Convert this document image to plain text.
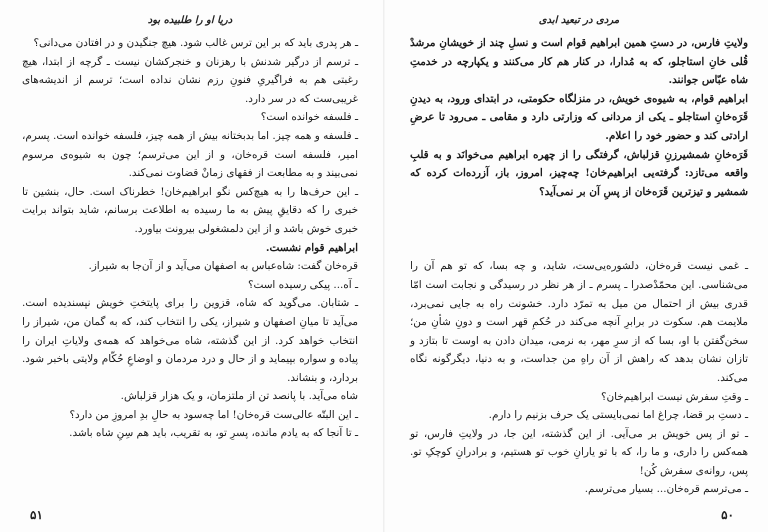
دریا او را طلبیده بود

ـ هر پدری باید که بر این ترس غالب شود. هیچ جنگیدن و در افتادن می‌دانی؟

ـ ترسم از درگیر شدنش با رهزنان و خنجرکشان نیست ـ گرچه از ابتدا، هیچ رغبتی هم به فراگیریِ فنونِ رزم نشان نداده است؛ ترسم از اندیشه‌های غریبی‌ست که در سر دارد.

ـ فلسفه خوانده است؟

ـ فلسفه و همه چیز. اما بدبختانه بیش از همه چیز، فلسفه خوانده است. پسرم، امیر، فلسفه است قره‌خان، و از این می‌ترسم؛ چون به شیوه‌ی مرسوم نمی‌بیند و به مطابعت از فقهای زمانْ قضاوت نمی‌کند.

ـ این حرف‌ها را به هیچ‌کس نگو ابراهیم‌خان! خطرناک است. حال، بنشین تا خبری را که دقایقِ پیش به ما رسیده به اطلاعت برسانم، شاید بتواند برایت خبری خوش باشد و از این دلمشغولی بیرونت بیاورد.

ابراهیم قوام نشست.

قره‌خان گفت: شاه‌عباس به اصفهان می‌آید و از آن‌جا به شیراز.

ـ آه... پیکی رسیده است؟

ـ شتابان. می‌گوید که شاه، قزوین را برای پایتختِ خویش نپسندیده است. می‌آید تا میانِ اصفهان و شیراز، یکی را انتخاب کند، که به گمان من، شیراز را انتخاب خواهد کرد. از این گذشته، شاه می‌خواهد که همه‌ی ولایاتِ ایران را پیاده و سواره بپیماید و از حال و درد مردمان و اوضاعِ حُکّام ولایتی باخبر شود. بردارد، و بنشاند.

شاه می‌آید. با پانصد تن از ملتزمان، و یک هزار قزلباش.

ـ این البتّه عالی‌ست قره‌خان! اما چه‌سود به حالِ بدِ امروزِ من دارد؟

ـ تا آنجا که به یادم مانده، پسرِ تو، به تقریب، باید هم سِنِ شاه باشد.

۵۱
مردی در تبعید ابدی

ولایتِ فارس، در دستِ همین ابراهیم قوام است و نسلِ چند از خویشانِ مرشدْ قُلی خانِ استاجلو، که به مُدارا، در کنار هم کار می‌کنند و یکپارچه در خدمتِ شاه عبّاس جوانند.

ابراهیم قوام، به شیوه‌ی خویش، در منزلگاه حکومتی، در ابتدای ورود، به دیدنِ قَرَه‌خانِ استاجلو ـ یکی از مردانی که وزارتی دارد و مقامی ـ می‌رود تا عرضِ ارادتی کند و حضور خود را اعلام.

قَرَه‌خانِ شمشیرزنِ قزلباش، گرفتگی را از چهره ابراهیم می‌خوانَد و به قلبِ واقعه می‌تازد: گرفته‌یی ابراهیم‌خان! چه‌چیز، امروز، باز، آزرده‌ات کرده که شمشیر و تیزترین قَرَه‌خان از پسِ آن بر نمی‌آید؟

ـ غمی نیست قره‌خان، دلشوره‌یی‌ست، شاید، و چه بسا، که تو هم آن را می‌شناسی. این محمّدْصدرا ـ پسرم ـ از هر نظر در رسیدگی و نجابت است امّا قدری بیش از احتمال من میل به تمرّد دارد. خشونت راه به جایی نمی‌برد، ملایمت هم. سکوت در برابرِ آنچه می‌کند در حُکمِ قهر است و دونِ شأنِ من؛ سخن‌گفتن با او، بسا که از سرِ مهر، به نرمی، میدان دادن به اوست تا بتازد و تازان نشان بدهد که راهش از آن راهِ من جداست، و به دنیا، دیگرگونه نگاه می‌کند.

ـ وقتِ سفرش نیست ابراهیم‌خان؟

ـ دستِ بر قضا، چراغ اما نمی‌بایستی یک حرف بزنیم را دارم.

ـ تو از پس خویش بر می‌آیی. از این گذشته، این جا، در ولایتِ فارس، تو همه‌کس را داری، و ما را، که با تو یارانِ خوب تو هستیم، و برادرانِ کوچکِ تو. پس، روانه‌ی سفرش کُن!

ـ می‌ترسم قره‌خان... بسیار می‌ترسم.

۵۰
